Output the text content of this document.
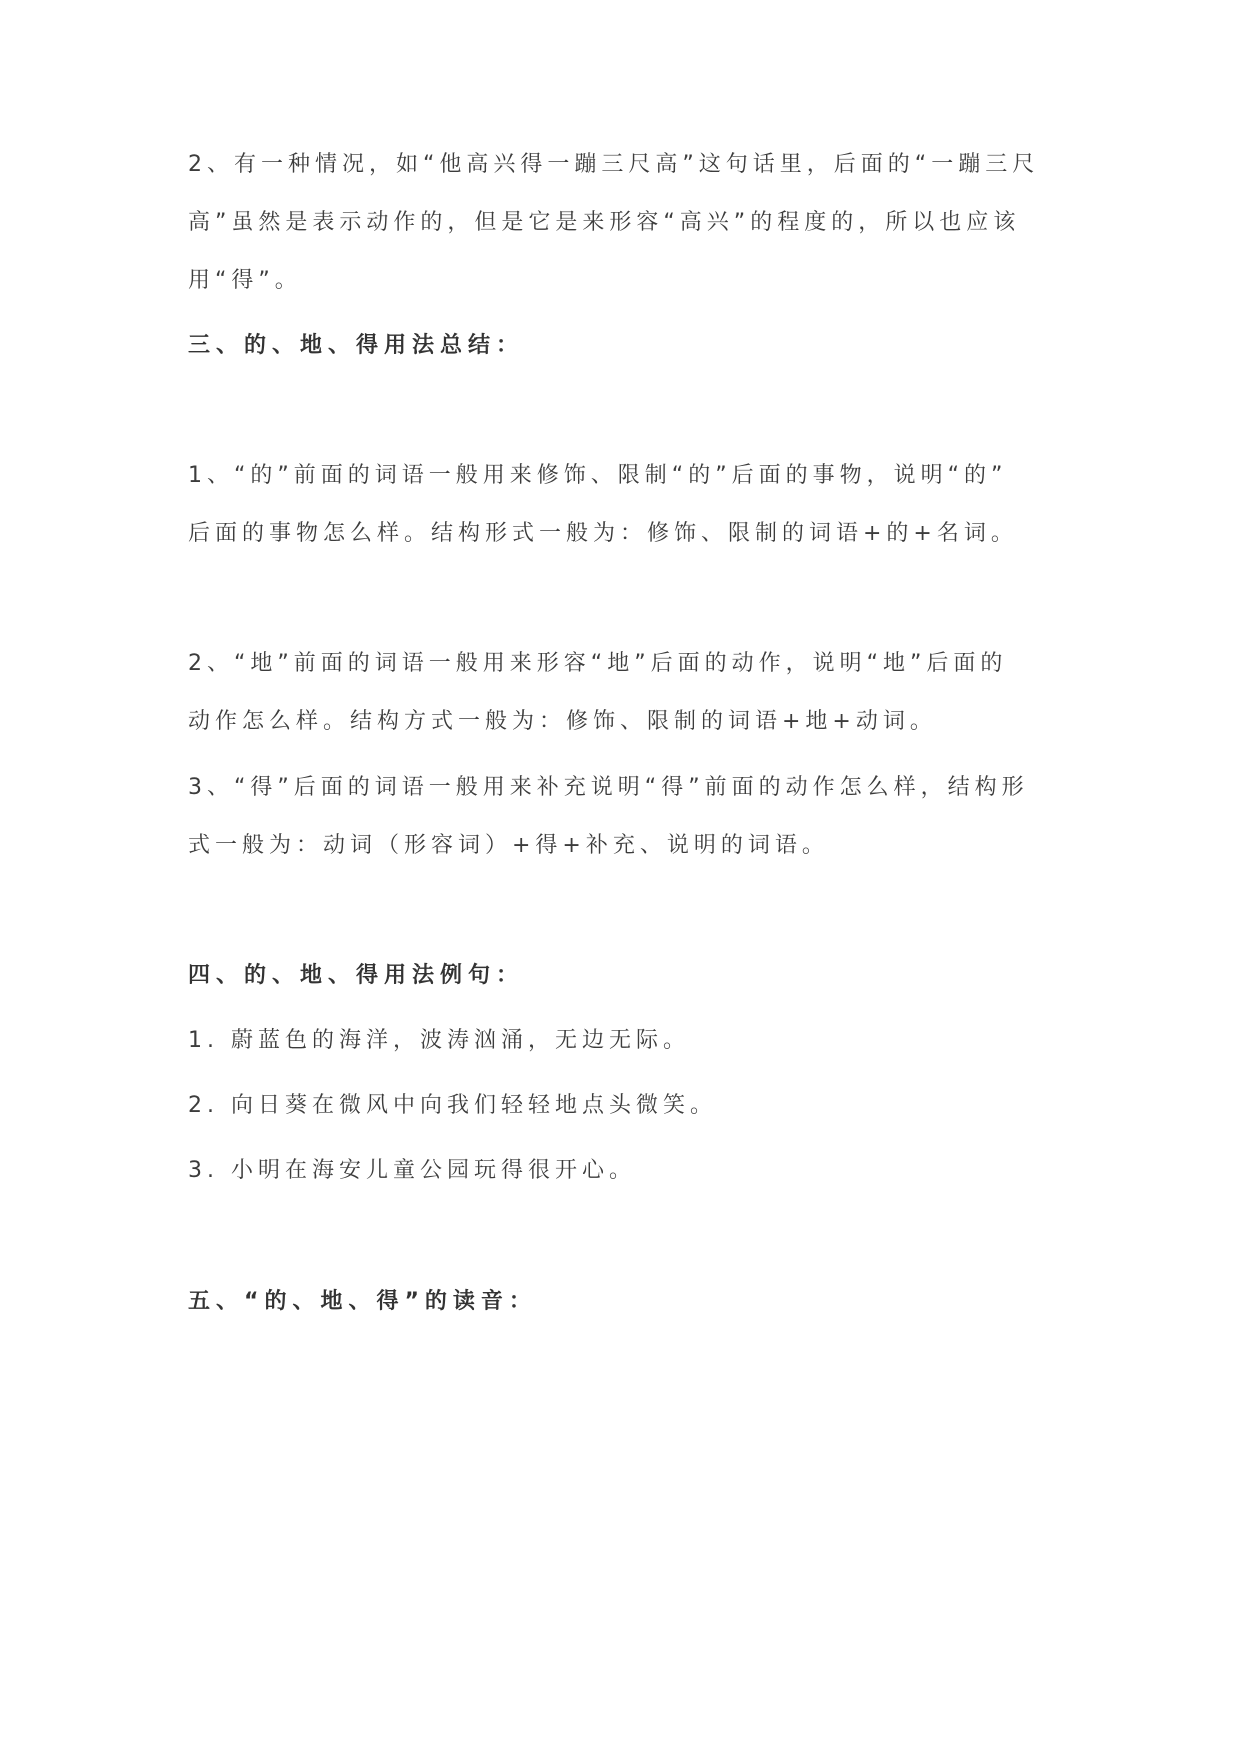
2、有一种情况，如“他高兴得一蹦三尺高”这句话里，后面的“一蹦三尺
高”虽然是表示动作的，但是它是来形容“高兴”的程度的，所以也应该
用“得”。
三、的、地、得用法总结：
1、“的”前面的词语一般用来修饰、限制“的”后面的事物，说明“的”
后面的事物怎么样。结构形式一般为：修饰、限制的词语+的+名词。
2、“地”前面的词语一般用来形容“地”后面的动作，说明“地”后面的
动作怎么样。结构方式一般为：修饰、限制的词语+地+动词。
3、“得”后面的词语一般用来补充说明“得”前面的动作怎么样，结构形
式一般为：动词（形容词）+得+补充、说明的词语。
四、的、地、得用法例句：
1. 蔚蓝色的海洋，波涛汹涌，无边无际。
2. 向日葵在微风中向我们轻轻地点头微笑。
3. 小明在海安儿童公园玩得很开心。
五、“的、地、得”的读音：
